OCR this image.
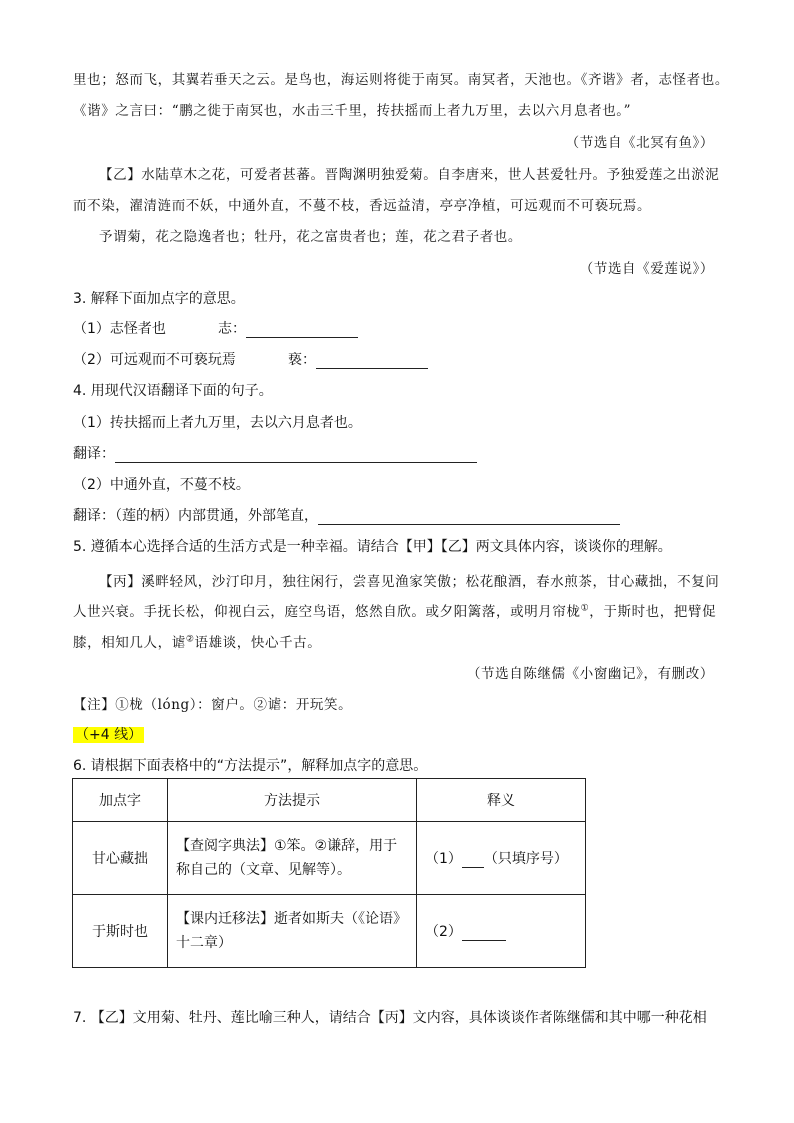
里也；怒而飞，其翼若垂天之云。是鸟也，海运则将徙于南冥。南冥者，天池也。《齐谐》者，志怪者也。
《谐》之言曰：“鹏之徙于南冥也，水击三千里，抟扶摇而上者九万里，去以六月息者也。”
（节选自《北冥有鱼》）
【乙】水陆草木之花，可爱者甚蕃。晋陶渊明独爱菊。自李唐来，世人甚爱牡丹。予独爱莲之出淤泥
而不染，濯清涟而不妖，中通外直，不蔓不枝，香远益清，亭亭净植，可远观而不可亵玩焉。
予谓菊，花之隐逸者也；牡丹，花之富贵者也；莲，花之君子者也。
（节选自《爱莲说》）
3. 解释下面加点字的意思。
（1）志怪者也	志：
（2）可远观而不可亵玩焉	亵：
4. 用现代汉语翻译下面的句子。
（1）抟扶摇而上者九万里，去以六月息者也。
翻译：
（2）中通外直，不蔓不枝。
翻译：（莲的柄）内部贯通，外部笔直，
5. 遵循本心选择合适的生活方式是一种幸福。请结合【甲】【乙】两文具体内容，谈谈你的理解。
【丙】溪畔轻风，沙汀印月，独往闲行，尝喜见渔家笑傲；松花酿酒，春水煎茶，甘心藏拙，不复问
人世兴衰。手抚长松，仰视白云，庭空鸟语，悠然自欣。或夕阳篱落，或明月帘栊①，于斯时也，把臂促
膝，相知几人，谑②语雄谈，快心千古。
（节选自陈继儒《小窗幽记》，有删改）
【注】①栊（lóng）：窗户。②谑：开玩笑。
（+4 线）
6. 请根据下面表格中的“方法提示”，解释加点字的意思。
加点字	方法提示	释义
甘心藏拙	【查阅字典法】①笨。②谦辞，用于称自己的（文章、见解等）。	（1） （只填序号）
于斯时也	【课内迁移法】逝者如斯夫（《论语》十二章）	（2）
7. 【乙】文用菊、牡丹、莲比喻三种人，请结合【丙】文内容，具体谈谈作者陈继儒和其中哪一种花相
